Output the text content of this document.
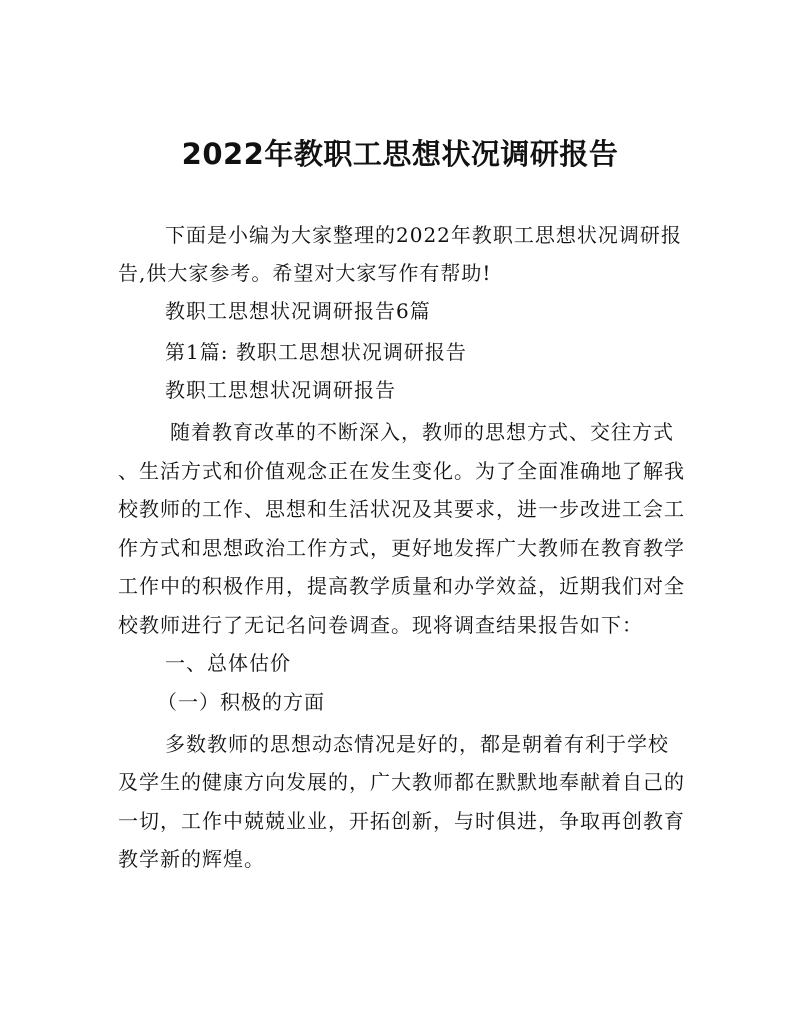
2022年教职工思想状况调研报告
下面是小编为大家整理的2022年教职工思想状况调研报
告,供大家参考。希望对大家写作有帮助!
教职工思想状况调研报告6篇
第1篇: 教职工思想状况调研报告
教职工思想状况调研报告
随着教育改革的不断深入，教师的思想方式、交往方式
、生活方式和价值观念正在发生变化。为了全面准确地了解我
校教师的工作、思想和生活状况及其要求，进一步改进工会工
作方式和思想政治工作方式，更好地发挥广大教师在教育教学
工作中的积极作用，提高教学质量和办学效益，近期我们对全
校教师进行了无记名问卷调查。现将调查结果报告如下：
一、总体估价
（一）积极的方面
多数教师的思想动态情况是好的，都是朝着有利于学校
及学生的健康方向发展的，广大教师都在默默地奉献着自己的
一切，工作中兢兢业业，开拓创新，与时俱进，争取再创教育
教学新的辉煌。
